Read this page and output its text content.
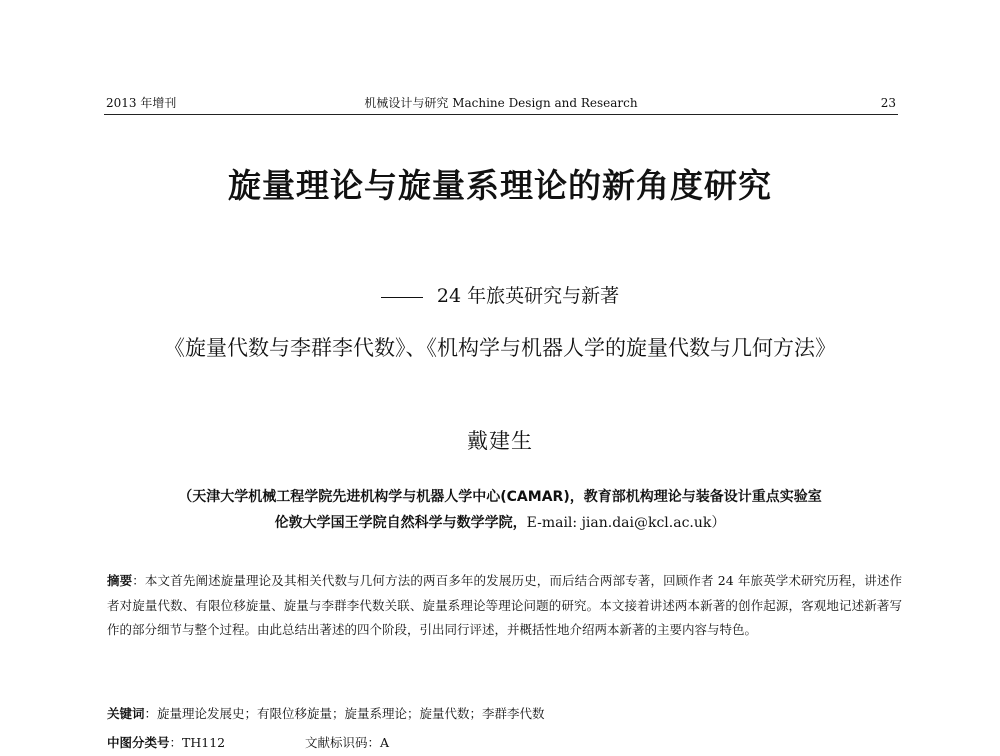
2013 年增刊	机械设计与研究 Machine Design and Research	23
旋量理论与旋量系理论的新角度研究
24 年旅英研究与新著
《旋量代数与李群李代数》、《机构学与机器人学的旋量代数与几何方法》
戴建生
（天津大学机械工程学院先进机构学与机器人学中心(CAMAR)，教育部机构理论与装备设计重点实验室
伦敦大学国王学院自然科学与数学学院，E-mail: jian.dai@kcl.ac.uk）
摘要：本文首先阐述旋量理论及其相关代数与几何方法的两百多年的发展历史，而后结合两部专著，回顾作者 24 年旅英学术研究历程，讲述作者对旋量代数、有限位移旋量、旋量与李群李代数关联、旋量系理论等理论问题的研究。本文接着讲述两本新著的创作起源，客观地记述新著写作的部分细节与整个过程。由此总结出著述的四个阶段，引出同行评述，并概括性地介绍两本新著的主要内容与特色。
关键词：旋量理论发展史；有限位移旋量；旋量系理论；旋量代数；李群李代数
中图分类号：TH112	文献标识码：A
